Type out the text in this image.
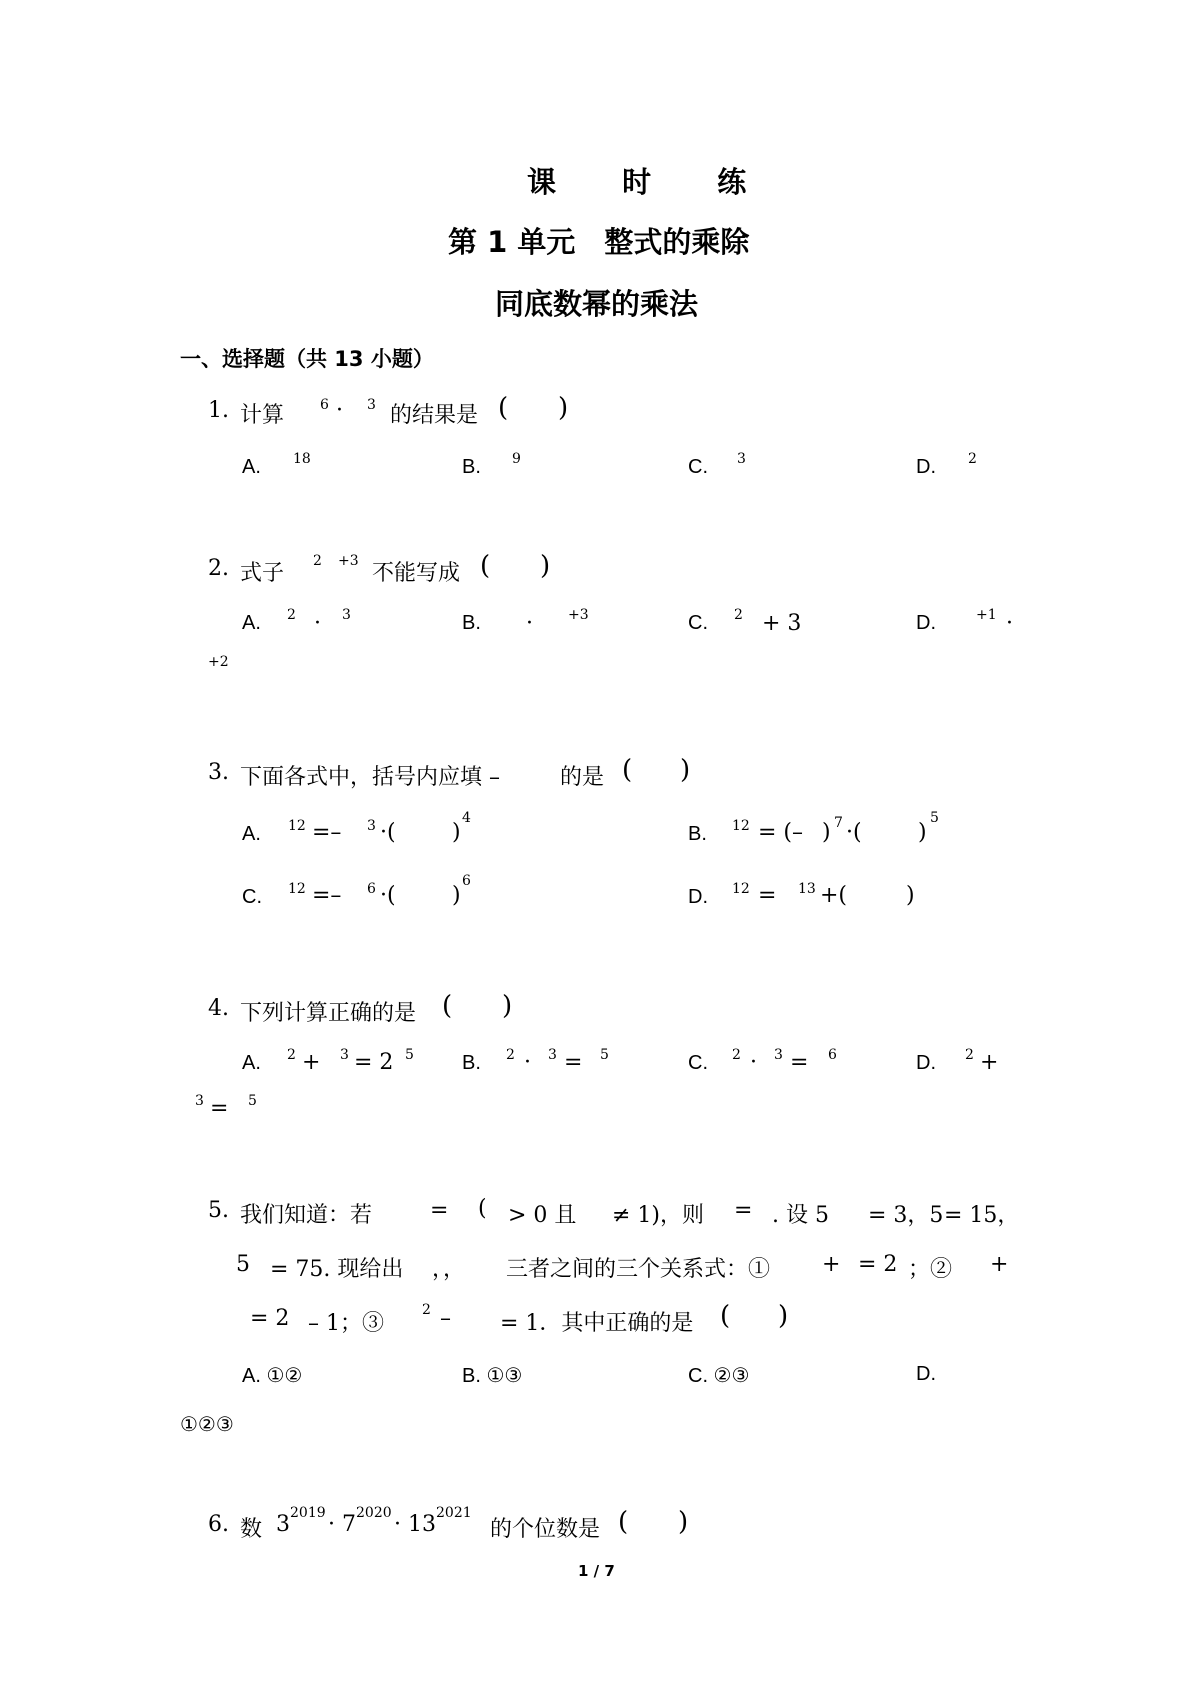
课 时 练
第 1 单元　整式的乘除
同底数幂的乘法
一、选择题（共 13 小题）
1. 计算	6 · 3 的结果是 ( )
A. 18	B. 9	C. 3	D. 2
2. 式子 2 +3 不能写成 ( )
A. 2 · 3	B. ·	+3	C. 2 + 3	D.	+1 ·
+2
3. 下面各式中，括号内应填 –	的是 ( )
A. 12 =– 3 ·(	)
4
B. 12 = (– ) 7 ·(	)
5
C. 12 =– 6 ·(	)
6
D. 12 = 13 +(	)
4. 下列计算正确的是 ( )
A. 2 + 3 = 2 5 B. 2 · 3 = 5	C. 2 · 3 = 6	D. 2 +
3 = 5
5. 我们知道：若	= ( > 0 且 ≠ 1)，则 = . 设 5 = 3，5 = 15，
5 = 75. 现给出 ，， 三者之间的三个关系式：① + = 2 ；② +
= 2 – 1；③
2 – = 1．其中正确的是 ( )
A. ①②	B. ①③	C. ②③	D.
①②③
6. 数 3 2019 · 7 2020 · 13 2021
的个位数是 ( )
1 / 7
